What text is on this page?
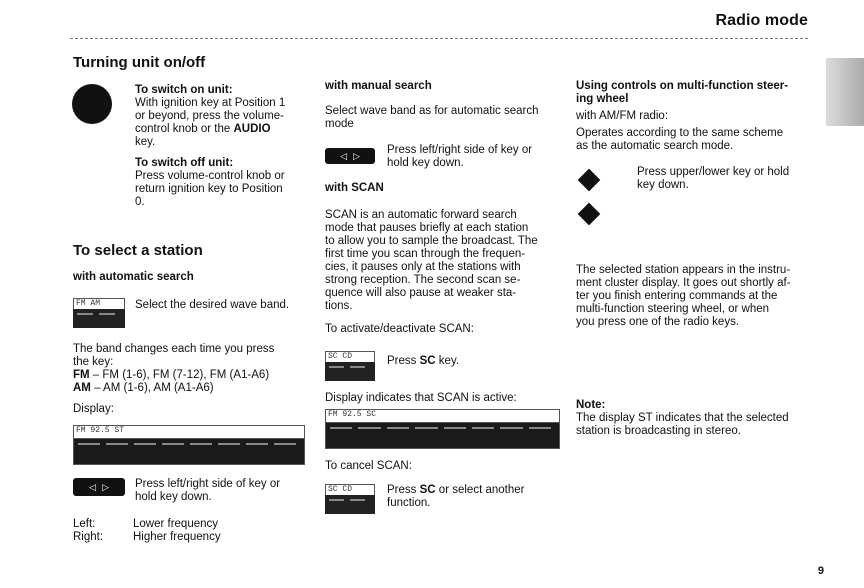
Radio mode
Turning unit on/off

To switch on unit:

With ignition key at Position 1

or beyond, press the volume-

control knob or the AUDIO

key.

To switch off unit:

Press volume-control knob or

return ignition key to Position

0.

To select a station
with automatic search
FM AM	Select the desired wave band.

The band changes each time you press

the key:

FM – FM (1-6), FM (7-12), FM (A1-A6)

AM – AM (1-6), AM (A1-A6)

Display:

FM 92.5 ST
◁ ▷ Press left/right side of key or

hold key down.

Left:	Lower frequency

Right:	Higher frequency

with manual search

Select wave band as for automatic search

mode

◁ ▷ Press left/right side of key or

hold key down.

with SCAN

SCAN is an automatic forward search

mode that pauses briefly at each station

to allow you to sample the broadcast. The

first time you scan through the frequen-

cies, it pauses only at the stations with

strong reception. The second scan se-

quence will also pause at weaker sta-

tions.

To activate/deactivate SCAN:

SC CD	Press SC key.
Display indicates that SCAN is active:
FM 92.5 SC
To cancel SCAN:
SC CD	Press SC or select another

function.

Using controls on multi-function steer-

ing wheel

with AM/FM radio:

Operates according to the same scheme

as the automatic search mode.

Press upper/lower key or hold

key down.

The selected station appears in the instru-

ment cluster display. It goes out shortly af-

ter you finish entering commands at the

multi-function steering wheel, or when

you press one of the radio keys.

Note:

The display ST indicates that the selected

station is broadcasting in stereo.

9
